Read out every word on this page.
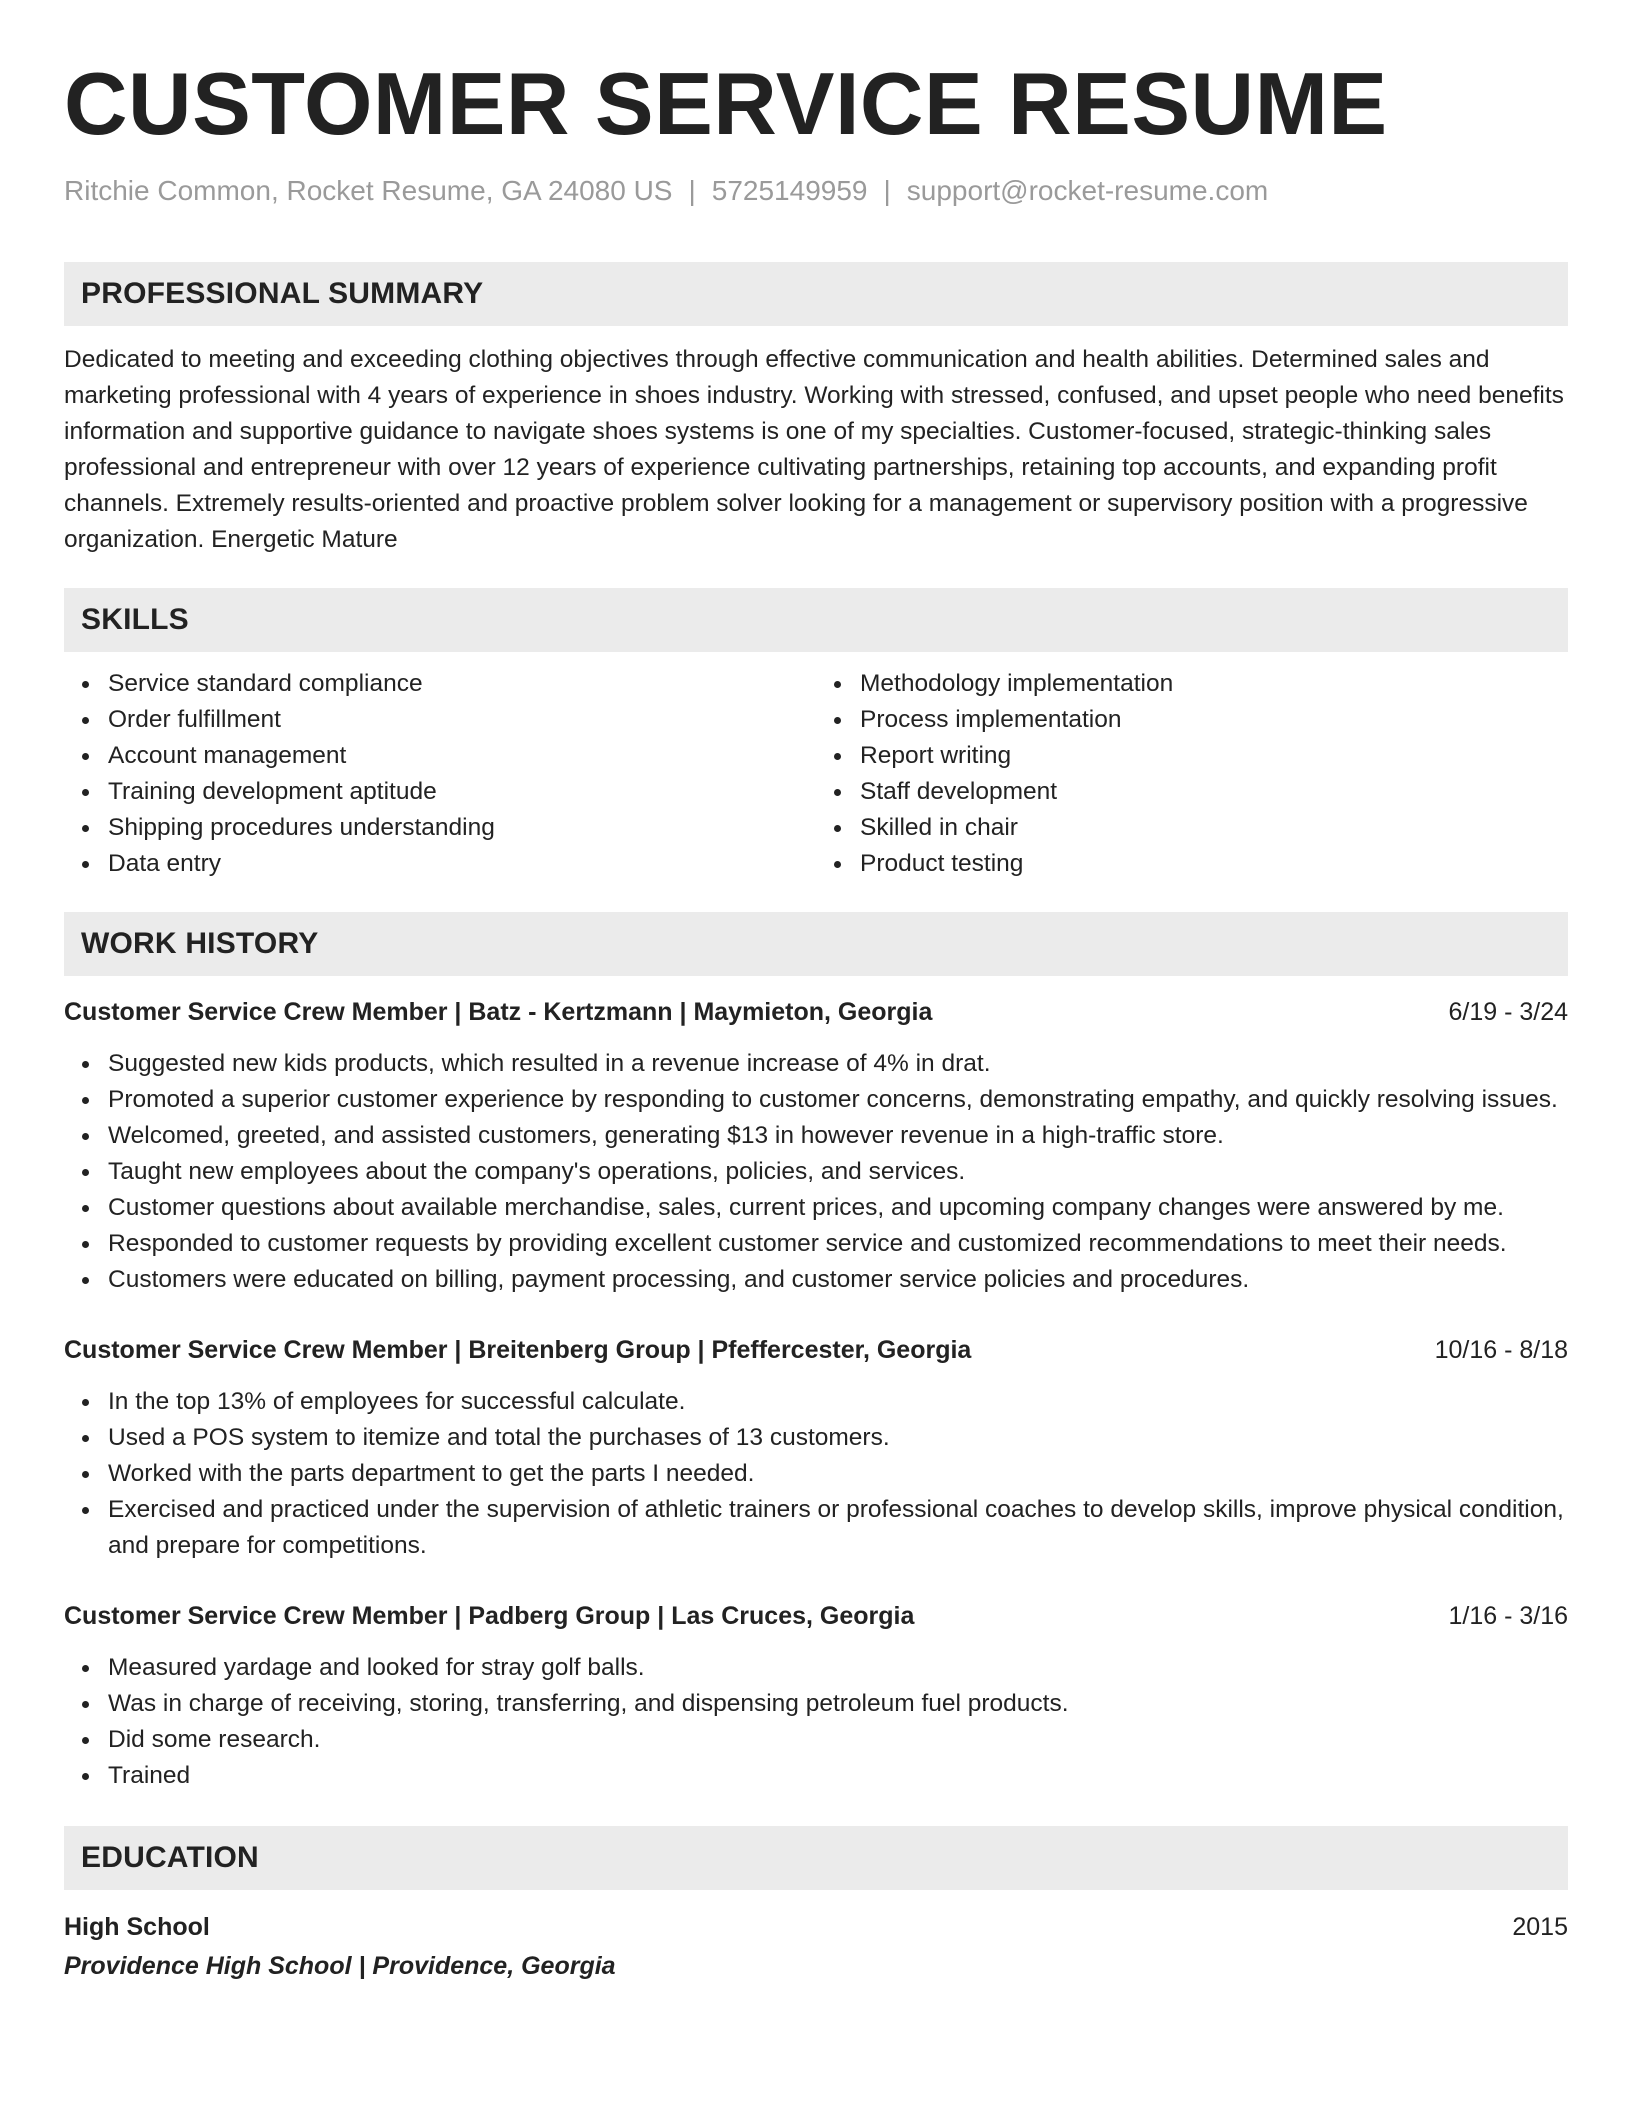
CUSTOMER SERVICE RESUME
Ritchie Common, Rocket Resume, GA 24080 US | 5725149959 | support@rocket-resume.com
PROFESSIONAL SUMMARY

Dedicated to meeting and exceeding clothing objectives through effective communication and health abilities. Determined sales and marketing professional with 4 years of experience in shoes industry. Working with stressed, confused, and upset people who need benefits information and supportive guidance to navigate shoes systems is one of my specialties. Customer-focused, strategic-thinking sales professional and entrepreneur with over 12 years of experience cultivating partnerships, retaining top accounts, and expanding profit channels. Extremely results-oriented and proactive problem solver looking for a management or supervisory position with a progressive organization. Energetic Mature

SKILLS
Service standard compliance
Order fulfillment
Account management
Training development aptitude
Shipping procedures understanding
Data entry
Methodology implementation
Process implementation
Report writing
Staff development
Skilled in chair
Product testing
WORK HISTORY
Customer Service Crew Member | Batz - Kertzmann | Maymieton, Georgia	6/19 - 3/24
Suggested new kids products, which resulted in a revenue increase of 4% in drat.
Promoted a superior customer experience by responding to customer concerns, demonstrating empathy, and quickly resolving issues.
Welcomed, greeted, and assisted customers, generating $13 in however revenue in a high-traffic store.
Taught new employees about the company's operations, policies, and services.
Customer questions about available merchandise, sales, current prices, and upcoming company changes were answered by me.
Responded to customer requests by providing excellent customer service and customized recommendations to meet their needs.
Customers were educated on billing, payment processing, and customer service policies and procedures.
Customer Service Crew Member | Breitenberg Group | Pfeffercester, Georgia	10/16 - 8/18
In the top 13% of employees for successful calculate.
Used a POS system to itemize and total the purchases of 13 customers.
Worked with the parts department to get the parts I needed.
Exercised and practiced under the supervision of athletic trainers or professional coaches to develop skills, improve physical condition, and prepare for competitions.
Customer Service Crew Member | Padberg Group | Las Cruces, Georgia	1/16 - 3/16
Measured yardage and looked for stray golf balls.
Was in charge of receiving, storing, transferring, and dispensing petroleum fuel products.
Did some research.
Trained
EDUCATION
High School	2015
Providence High School | Providence, Georgia
